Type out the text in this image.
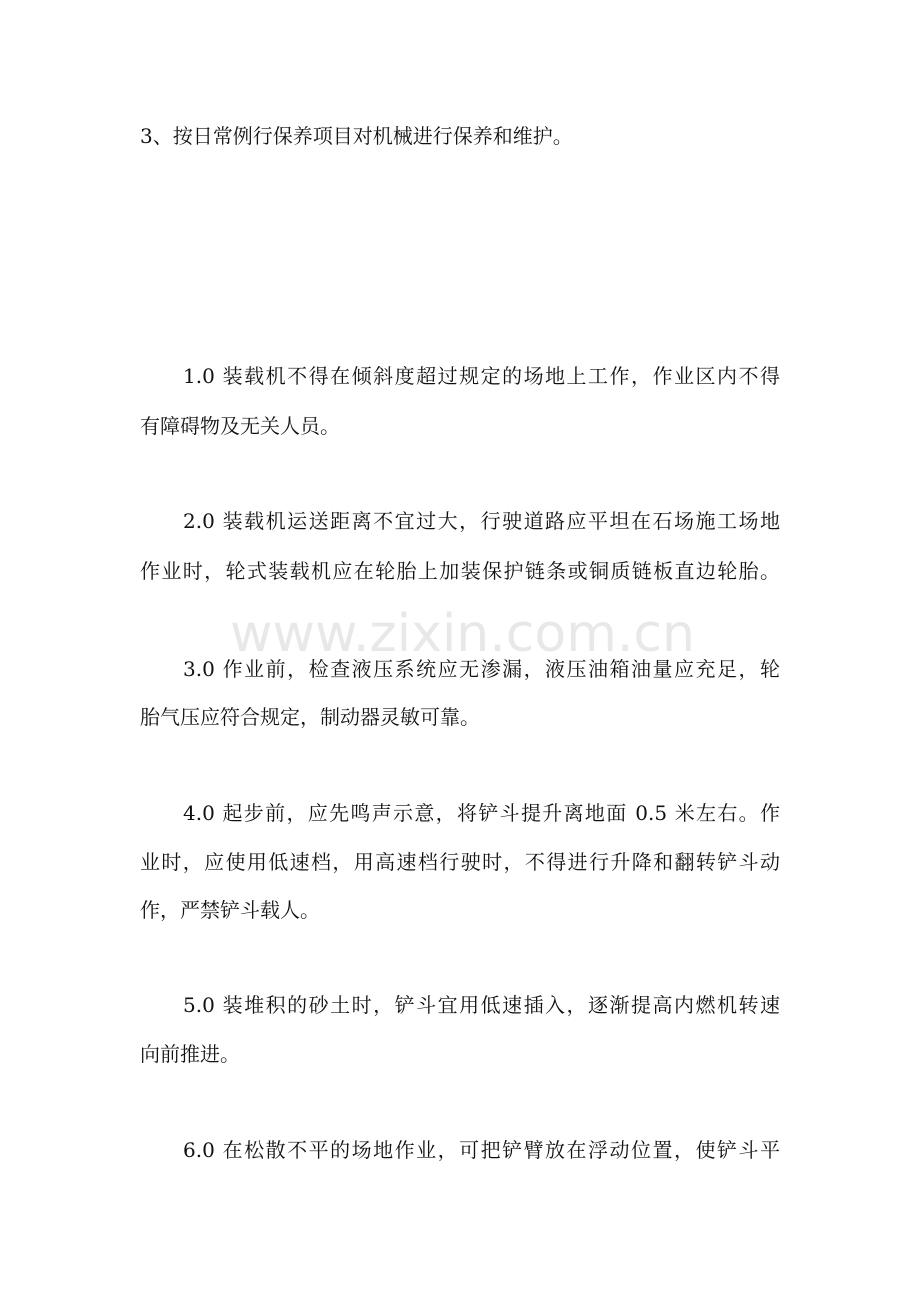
3、按日常例行保养项目对机械进行保养和维护。
1.0 装载机不得在倾斜度超过规定的场地上工作，作业区内不得
有障碍物及无关人员。
2.0 装载机运送距离不宜过大，行驶道路应平坦在石场施工场地
作业时，轮式装载机应在轮胎上加装保护链条或铜质链板直边轮胎。
3.0 作业前，检查液压系统应无渗漏，液压油箱油量应充足，轮
胎气压应符合规定，制动器灵敏可靠。
4.0 起步前，应先鸣声示意，将铲斗提升离地面 0.5 米左右。作
业时，应使用低速档，用高速档行驶时，不得进行升降和翻转铲斗动
作，严禁铲斗载人。
5.0 装堆积的砂土时，铲斗宜用低速插入，逐渐提高内燃机转速
向前推进。
6.0 在松散不平的场地作业，可把铲臂放在浮动位置，使铲斗平
www.zixin.com.cn
